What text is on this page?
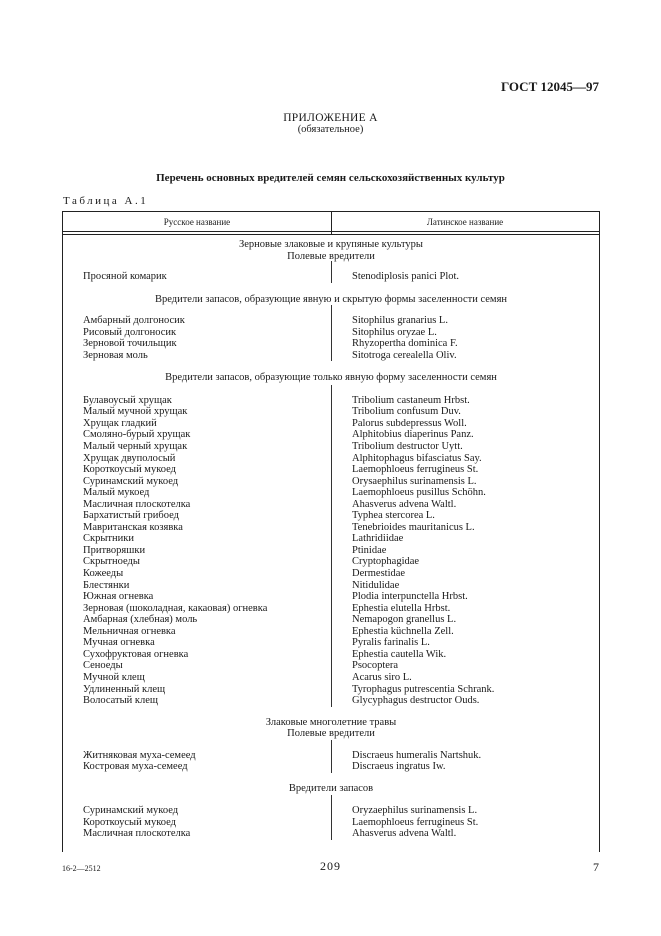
ГОСТ 12045—97
ПРИЛОЖЕНИЕ А
(обязательное)
Перечень основных вредителей семян сельскохозяйственных культур
Таблица А.1
Русское название	Латинское название
Зерновые злаковые и крупяные культуры
Полевые вредители
Просяной комарик	Stenodiplosis panici Plot.
Вредители запасов, образующие явную и скрытую формы заселенности семян
Амбарный долгоносик	Sitophilus granarius L.
Рисовый долгоносик	Sitophilus oryzae L.
Зерновой точильщик	Rhyzopertha dominica F.
Зерновая моль	Sitotroga cerealella Oliv.
Вредители запасов, образующие только явную форму заселенности семян
Булавоусый хрущак	Tribolium castaneum Hrbst.
Малый мучной хрущак	Tribolium confusum Duv.
Хрущак гладкий	Palorus subdepressus Woll.
Смоляно-бурый хрущак	Alphitobius diaperinus Panz.
Малый черный хрущак	Tribolium destructor Uytt.
Хрущак двуполосый	Alphitophagus bifasciatus Say.
Короткоусый мукоед	Laemophloeus ferrugineus St.
Суринамский мукоед	Orysaephilus surinamensis L.
Малый мукоед	Laemophloeus pusillus Schöhn.
Масличная плоскотелка	Ahasverus advena Waltl.
Бархатистый грибоед	Typhea stercorea L.
Мавританская козявка	Tenebrioides mauritanicus L.
Скрытники	Lathridiidae
Притворяшки	Ptinidae
Скрытноеды	Cryptophagidae
Кожееды	Dermestidae
Блестянки	Nitidulidae
Южная огневка	Plodia interpunctella Hrbst.
Зерновая (шоколадная, какаовая) огневка	Ephestia elutella Hrbst.
Амбарная (хлебная) моль	Nemapogon granellus L.
Мельничная огневка	Ephestia küchnella Zell.
Мучная огневка	Pyralis farinalis L.
Сухофруктовая огневка	Ephestia cautella Wik.
Сеноеды	Psocoptera
Мучной клещ	Acarus siro L.
Удлиненный клещ	Tyrophagus putrescentia Schrank.
Волосатый клещ	Glycyphagus destructor Ouds.
Злаковые многолетние травы
Полевые вредители
Житняковая муха-семеед	Discraeus humeralis Nartshuk.
Костровая муха-семеед	Discraeus ingratus Iw.
Вредители запасов
Суринамский мукоед	Oryzaephilus surinamensis L.
Короткоусый мукоед	Laemophloeus ferrugineus St.
Масличная плоскотелка	Ahasverus advena Waltl.
16-2—2512	209	7
